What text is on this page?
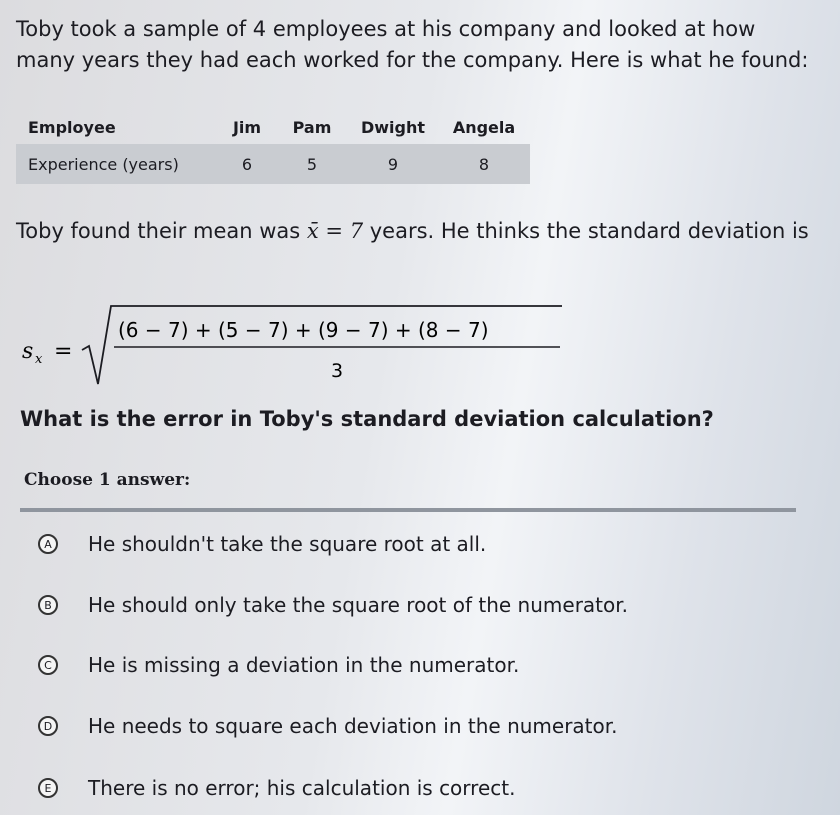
Toby took a sample of 4 employees at his company and looked at how many years they had each worked for the company. Here is what he found:
Employee	Jim	Pam	Dwight	Angela
Experience (years)	6	5	9	8
Toby found their mean was x̄ = 7 years. He thinks the standard deviation is
s x =
(6 − 7) + (5 − 7) + (9 − 7) + (8 − 7)
3
What is the error in Toby's standard deviation calculation?
Choose 1 answer:
A	He shouldn't take the square root at all.
B	He should only take the square root of the numerator.
C	He is missing a deviation in the numerator.
D He needs to square each deviation in the numerator.
E	There is no error; his calculation is correct.
